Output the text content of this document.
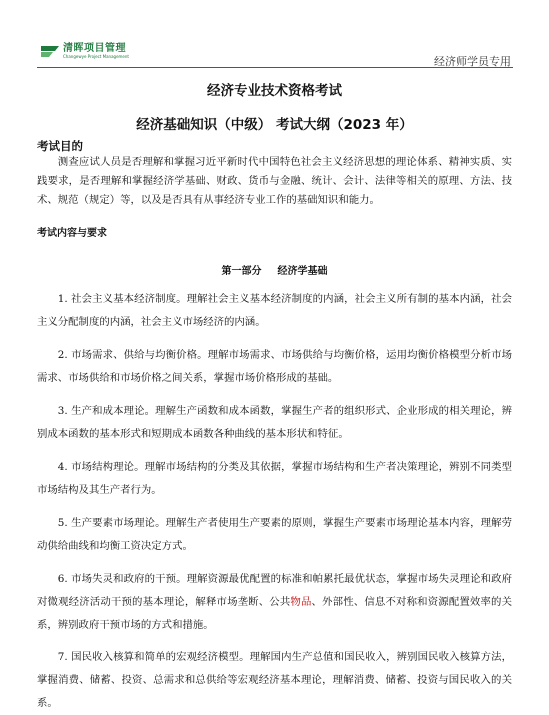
清晖项目管理
Changewye Project Management	经济师学员专用
经济专业技术资格考试
经济基础知识（中级） 考试大纲（2023 年）
考试目的
测查应试人员是否理解和掌握习近平新时代中国特色社会主义经济思想的理论体系、精神实质、实践要求，是否理解和掌握经济学基础、财政、货币与金融、统计、会计、法律等相关的原理、方法、技术、规范（规定）等，以及是否具有从事经济专业工作的基础知识和能力。
考试内容与要求
第一部分 经济学基础
1. 社会主义基本经济制度。理解社会主义基本经济制度的内涵，社会主义所有制的基本内涵，社会主义分配制度的内涵，社会主义市场经济的内涵。
2. 市场需求、供给与均衡价格。理解市场需求、市场供给与均衡价格，运用均衡价格模型分析市场需求、市场供给和市场价格之间关系，掌握市场价格形成的基础。
3. 生产和成本理论。理解生产函数和成本函数，掌握生产者的组织形式、企业形成的相关理论，辨别成本函数的基本形式和短期成本函数各种曲线的基本形状和特征。
4. 市场结构理论。理解市场结构的分类及其依据，掌握市场结构和生产者决策理论，辨别不同类型市场结构及其生产者行为。
5. 生产要素市场理论。理解生产者使用生产要素的原则，掌握生产要素市场理论基本内容，理解劳动供给曲线和均衡工资决定方式。
6. 市场失灵和政府的干预。理解资源最优配置的标准和帕累托最优状态，掌握市场失灵理论和政府对微观经济活动干预的基本理论，解释市场垄断、公共物品、外部性、信息不对称和资源配置效率的关系，辨别政府干预市场的方式和措施。
7. 国民收入核算和简单的宏观经济模型。理解国内生产总值和国民收入，辨别国民收入核算方法，掌握消费、储蓄、投资、总需求和总供给等宏观经济基本理论，理解消费、储蓄、投资与国民收入的关系。
